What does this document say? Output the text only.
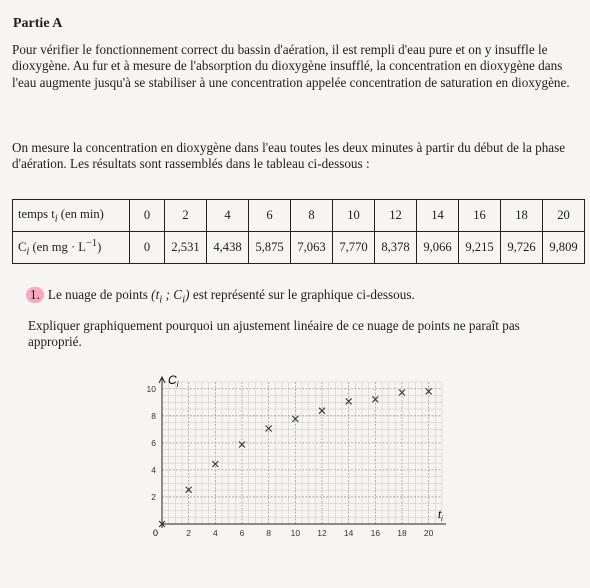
Partie A
Pour vérifier le fonctionnement correct du bassin d'aération, il est rempli d'eau pure et on y insuffle le dioxygène. Au fur et à mesure de l'absorption du dioxygène insufflé, la concentration en dioxygène dans l'eau augmente jusqu'à se stabiliser à une concentration appelée concentration de saturation en dioxygène.
On mesure la concentration en dioxygène dans l'eau toutes les deux minutes à partir du début de la phase d'aération. Les résultats sont rassemblés dans le tableau ci-dessous :
temps $t_i$ (en min)	0	2	4	6	8	10	12	14	16	18	20
$C_i$ (en mg · $L^{-1}$)	0	2,531	4,438	5,875	7,063	7,770	8,378	9,066	9,215	9,726	9,809
1. Le nuage de points ($t_i$ ; $C_i$) est représenté sur le graphique ci-dessous.
Expliquer graphiquement pourquoi un ajustement linéaire de ce nuage de points ne paraît pas approprié.
2	4	6	8 10 12 14 16 18 20
2
4
6
8
10
$C_i$
$t_i$
0
